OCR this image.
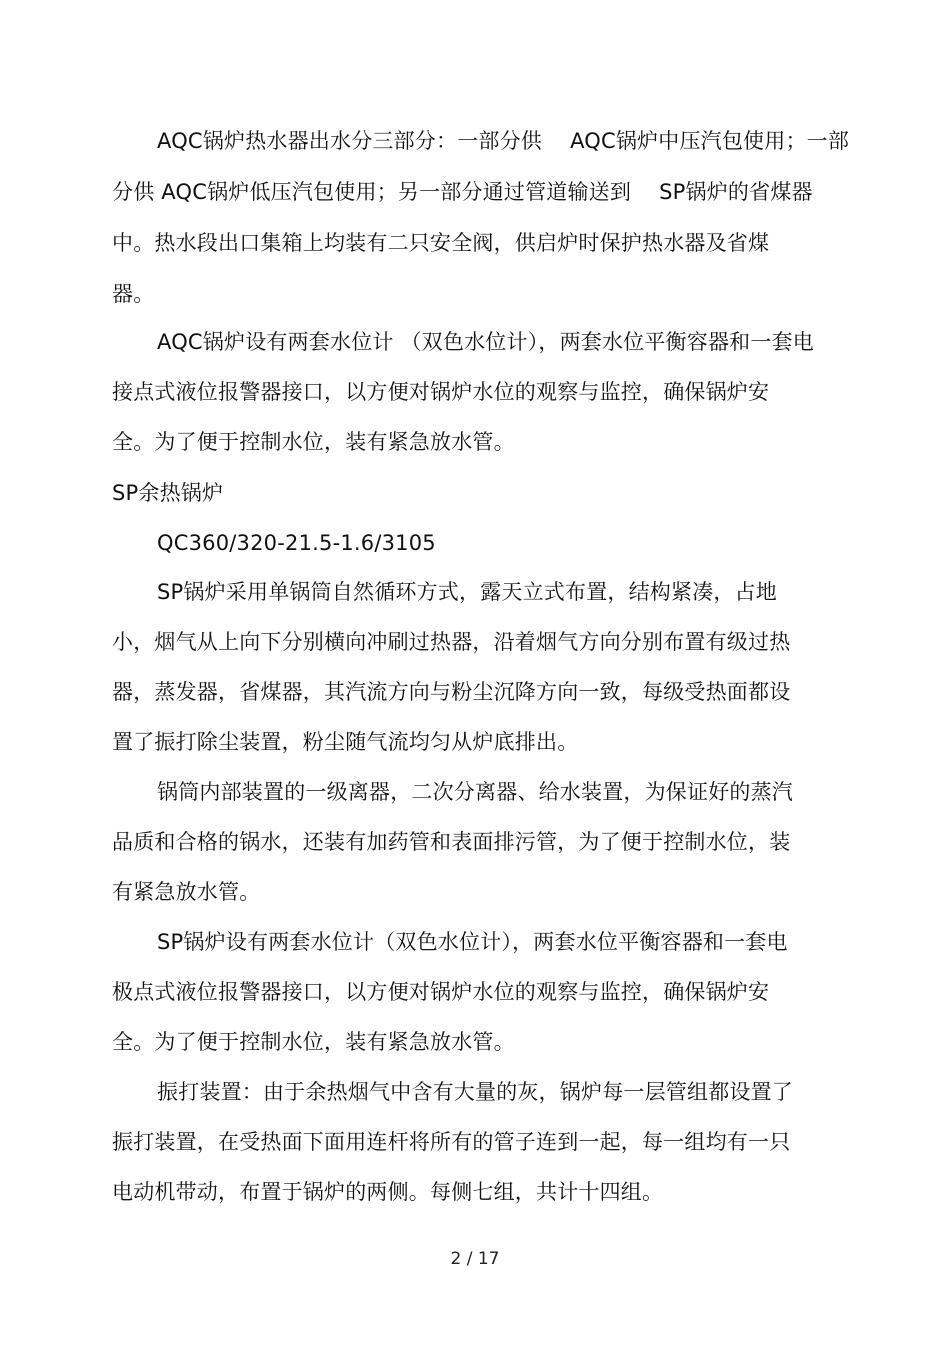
AQC锅炉热水器出水分三部分：一部分供　 AQC锅炉中压汽包使用；一部
分供 AQC锅炉低压汽包使用；另一部分通过管道输送到　 SP锅炉的省煤器
中。热水段出口集箱上均装有二只安全阀，供启炉时保护热水器及省煤
器。
AQC锅炉设有两套水位计 （双色水位计），两套水位平衡容器和一套电
接点式液位报警器接口，以方便对锅炉水位的观察与监控，确保锅炉安
全。为了便于控制水位，装有紧急放水管。
SP余热锅炉
QC360/320-21.5-1.6/3105
SP锅炉采用单锅筒自然循环方式，露天立式布置，结构紧凑，占地
小，烟气从上向下分别横向冲刷过热器，沿着烟气方向分别布置有级过热
器，蒸发器，省煤器，其汽流方向与粉尘沉降方向一致，每级受热面都设
置了振打除尘装置，粉尘随气流均匀从炉底排出。
锅筒内部装置的一级离器，二次分离器、给水装置，为保证好的蒸汽
品质和合格的锅水，还装有加药管和表面排污管，为了便于控制水位，装
有紧急放水管。
SP锅炉设有两套水位计（双色水位计），两套水位平衡容器和一套电
极点式液位报警器接口，以方便对锅炉水位的观察与监控，确保锅炉安
全。为了便于控制水位，装有紧急放水管。
振打装置：由于余热烟气中含有大量的灰，锅炉每一层管组都设置了
振打装置，在受热面下面用连杆将所有的管子连到一起，每一组均有一只
电动机带动，布置于锅炉的两侧。每侧七组，共计十四组。
2 / 17
